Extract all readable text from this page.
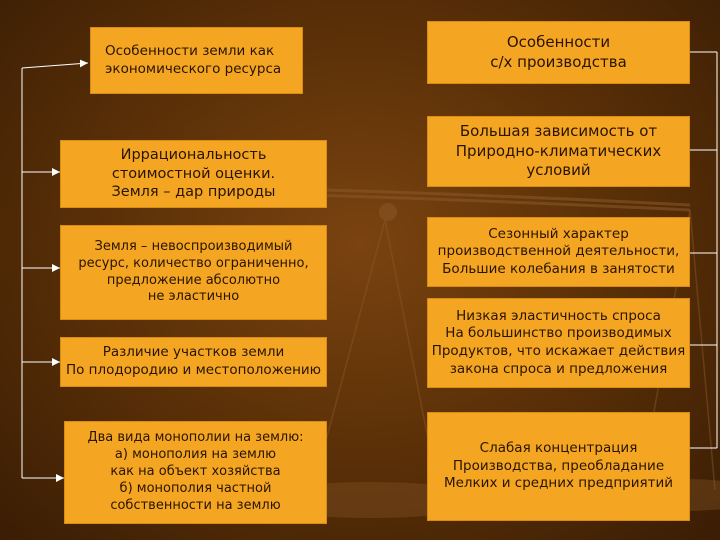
Особенности земли как
экономического ресурса
Иррациональность
стоимостной оценки.
Земля – дар природы
Земля – невоспроизводимый
ресурс, количество ограниченно,
предложение абсолютно
не эластично
Различие участков земли
По плодородию и местоположению
Два вида монополии на землю:
а) монополия на землю
как на объект хозяйства
б) монополия частной
собственности на землю
Особенности
с/х производства
Большая зависимость от
Природно-климатических
условий
Сезонный характер
производственной деятельности,
Большие колебания в занятости
Низкая эластичность спроса
На большинство производимых
Продуктов, что искажает действия
закона спроса и предложения
Слабая концентрация
Производства, преобладание
Мелких и средних предприятий
